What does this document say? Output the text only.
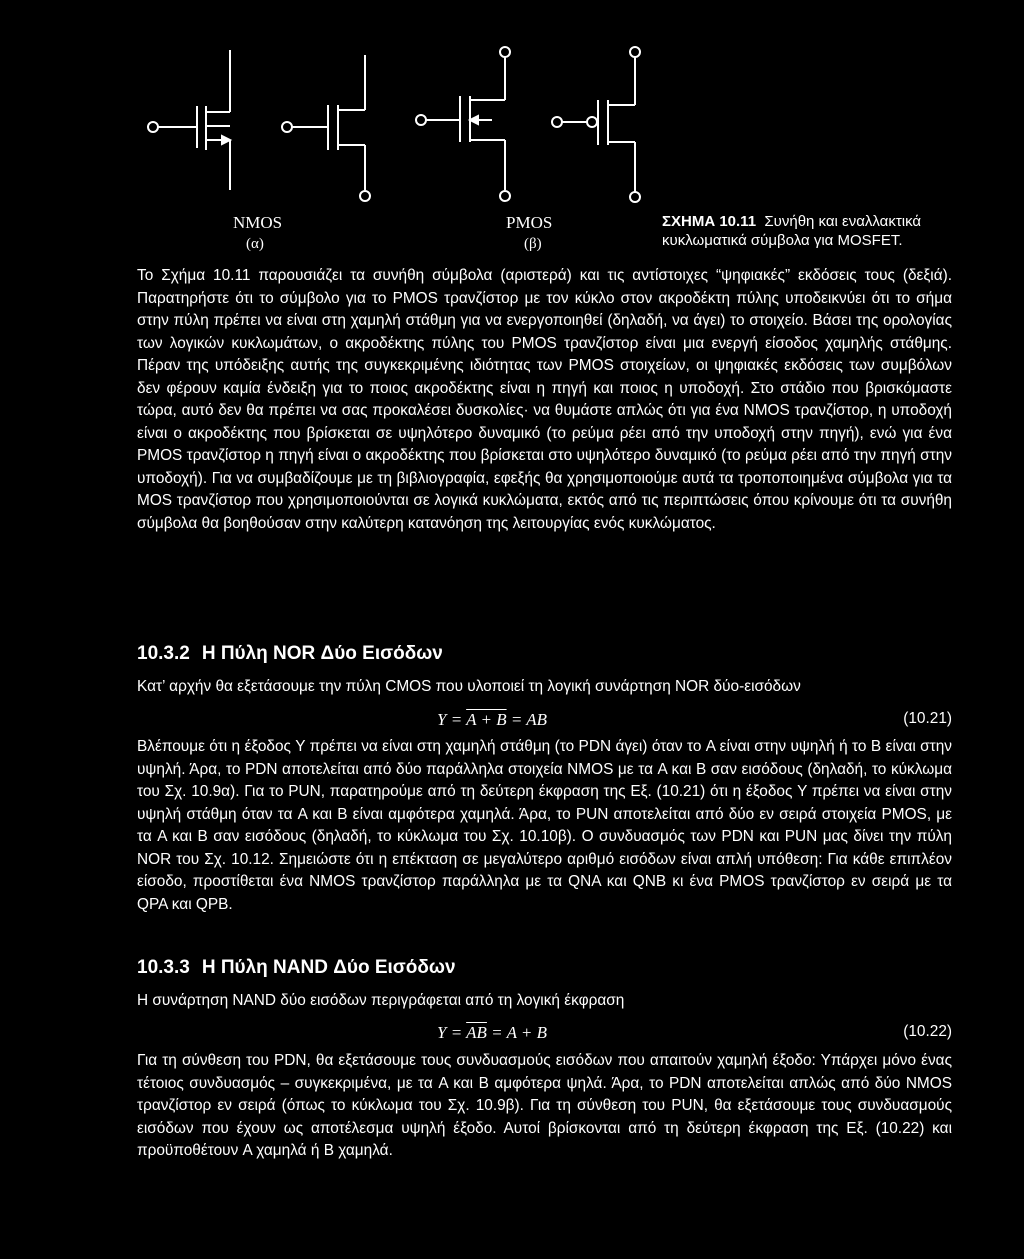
NMOS	PMOS
(α)	(β)
ΣΧΗΜΑ 10.11 Συνήθη και εναλλακτικά κυκλωματικά σύμβολα για MOSFET.

Το Σχήμα 10.11 παρουσιάζει τα συνήθη σύμβολα (αριστερά) και τις αντίστοιχες “ψηφιακές” εκδόσεις τους (δεξιά). Παρατηρήστε ότι το σύμβολο για το PMOS τρανζίστορ με τον κύκλο στον ακροδέκτη πύλης υποδεικνύει ότι το σήμα στην πύλη πρέπει να είναι στη χαμηλή στάθμη για να ενεργοποιηθεί (δηλαδή, να άγει) το στοιχείο. Βάσει της ορολογίας των λογικών κυκλωμάτων, ο ακροδέκτης πύλης του PMOS τρανζίστορ είναι μια ενεργή είσοδος χαμηλής στάθμης. Πέραν της υπόδειξης αυτής της συγκεκριμένης ιδιότητας των PMOS στοιχείων, οι ψηφιακές εκδόσεις των συμβόλων δεν φέρουν καμία ένδειξη για το ποιος ακροδέκτης είναι η πηγή και ποιος η υποδοχή. Στο στάδιο που βρισκόμαστε τώρα, αυτό δεν θα πρέπει να σας προκαλέσει δυσκολίες· να θυμάστε απλώς ότι για ένα NMOS τρανζίστορ, η υποδοχή είναι ο ακροδέκτης που βρίσκεται σε υψηλότερο δυναμικό (το ρεύμα ρέει από την υποδοχή στην πηγή), ενώ για ένα PMOS τρανζίστορ η πηγή είναι ο ακροδέκτης που βρίσκεται στο υψηλότερο δυναμικό (το ρεύμα ρέει από την πηγή στην υποδοχή). Για να συμβαδίζουμε με τη βιβλιογραφία, εφεξής θα χρησιμοποιούμε αυτά τα τροποποιημένα σύμβολα για τα MOS τρανζίστορ που χρησιμοποιούνται σε λογικά κυκλώματα, εκτός από τις περιπτώσεις όπου κρίνουμε ότι τα συνήθη σύμβολα θα βοηθούσαν στην καλύτερη κατανόηση της λειτουργίας ενός κυκλώματος.

10.3.2 Η Πύλη NOR Δύο Εισόδων

Κατ’ αρχήν θα εξετάσουμε την πύλη CMOS που υλοποιεί τη λογική συνάρτηση NOR δύο-εισόδων

Y = A + B = AB	(10.21)

Βλέπουμε ότι η έξοδος Y πρέπει να είναι στη χαμηλή στάθμη (το PDN άγει) όταν το A είναι στην υψηλή ή το B είναι στην υψηλή. Άρα, το PDN αποτελείται από δύο παράλληλα στοιχεία NMOS με τα A και B σαν εισόδους (δηλαδή, το κύκλωμα του Σχ. 10.9α). Για το PUN, παρατηρούμε από τη δεύτερη έκφραση της Εξ. (10.21) ότι η έξοδος Y πρέπει να είναι στην υψηλή στάθμη όταν τα A και B είναι αμφότερα χαμηλά. Άρα, το PUN αποτελείται από δύο εν σειρά στοιχεία PMOS, με τα A και B σαν εισόδους (δηλαδή, το κύκλωμα του Σχ. 10.10β). Ο συνδυασμός των PDN και PUN μας δίνει την πύλη NOR του Σχ. 10.12. Σημειώστε ότι η επέκταση σε μεγαλύτερο αριθμό εισόδων είναι απλή υπόθεση: Για κάθε επιπλέον είσοδο, προστίθεται ένα NMOS τρανζίστορ παράλληλα με τα QNA και QNB κι ένα PMOS τρανζίστορ εν σειρά με τα QPA και QPB.

10.3.3 Η Πύλη NAND Δύο Εισόδων

Η συνάρτηση NAND δύο εισόδων περιγράφεται από τη λογική έκφραση

$Y = \overline{AB} = A + B$	(10.22)

Για τη σύνθεση του PDN, θα εξετάσουμε τους συνδυασμούς εισόδων που απαιτούν χαμηλή έξοδο: Υπάρχει μόνο ένας τέτοιος συνδυασμός – συγκεκριμένα, με τα A και B αμφότερα ψηλά. Άρα, το PDN αποτελείται απλώς από δύο NMOS τρανζίστορ εν σειρά (όπως το κύκλωμα του Σχ. 10.9β). Για τη σύνθεση του PUN, θα εξετάσουμε τους συνδυασμούς εισόδων που έχουν ως αποτέλεσμα υψηλή έξοδο. Αυτοί βρίσκονται από τη δεύτερη έκφραση της Εξ. (10.22) και προϋποθέτουν A χαμηλά ή B χαμηλά.
